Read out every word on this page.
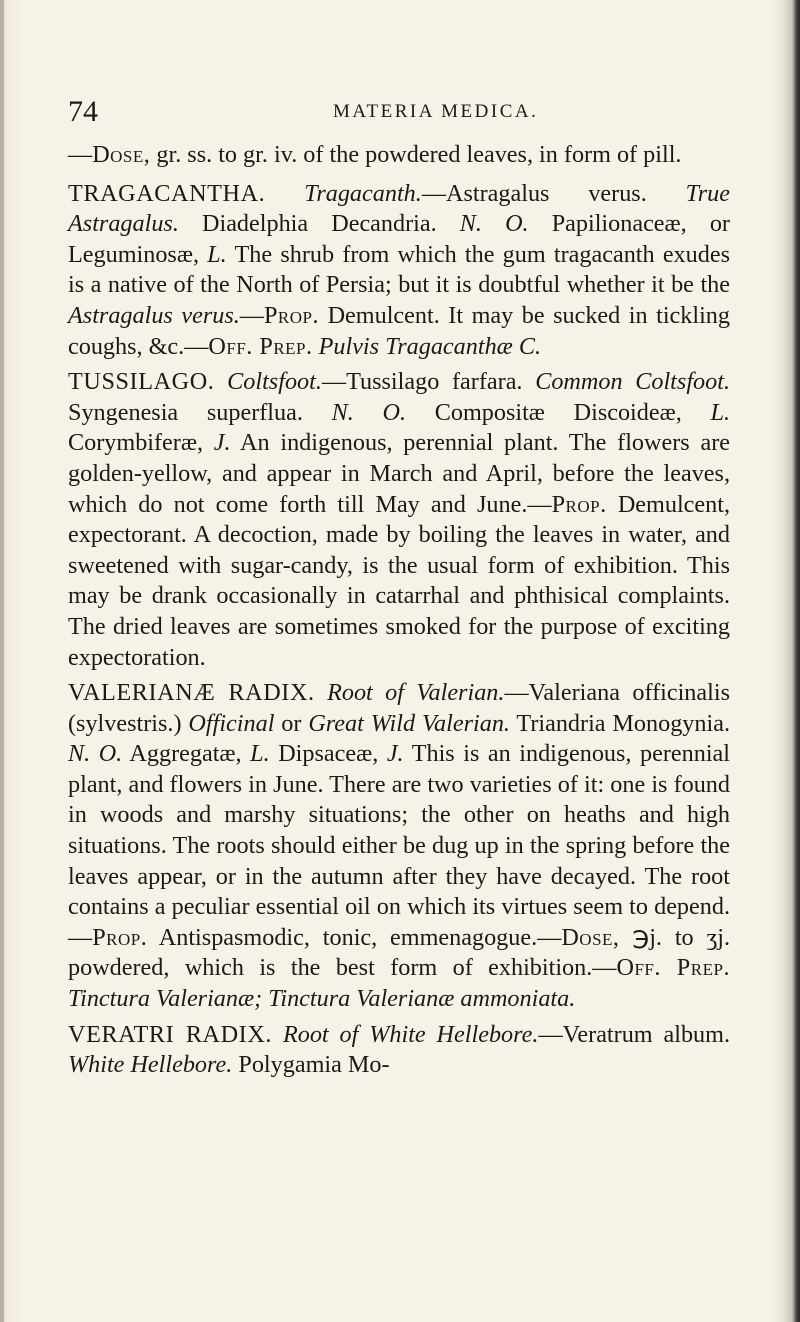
74	MATERIA MEDICA.

—Dose, gr. ss. to gr. iv. of the powdered leaves, in form of pill.

TRAGACANTHA. Tragacanth.—Astragalus verus. True Astragalus. Diadelphia Decandria. N. O. Papilionaceæ, or Leguminosæ, L. The shrub from which the gum tragacanth exudes is a native of the North of Persia; but it is doubtful whether it be the Astragalus verus.—Prop. Demulcent. It may be sucked in tickling coughs, &c.—Off. Prep. Pulvis Tragacanthæ C.

TUSSILAGO. Coltsfoot.—Tussilago farfara. Common Coltsfoot. Syngenesia superflua. N. O. Compositæ Discoideæ, L. Corymbiferæ, J. An indigenous, perennial plant. The flowers are golden-yellow, and appear in March and April, before the leaves, which do not come forth till May and June.—Prop. Demulcent, expectorant. A decoction, made by boiling the leaves in water, and sweetened with sugar-candy, is the usual form of exhibition. This may be drank occasionally in catarrhal and phthisical complaints. The dried leaves are sometimes smoked for the purpose of exciting expectoration.

VALERIANÆ RADIX. Root of Valerian.—Valeriana officinalis (sylvestris.) Officinal or Great Wild Valerian. Triandria Monogynia. N. O. Aggregatæ, L. Dipsaceæ, J. This is an indigenous, perennial plant, and flowers in June. There are two varieties of it: one is found in woods and marshy situations; the other on heaths and high situations. The roots should either be dug up in the spring before the leaves appear, or in the autumn after they have decayed. The root contains a peculiar essential oil on which its virtues seem to depend.—Prop. Antispasmodic, tonic, emmenagogue.—Dose, ℈j. to ʒj. powdered, which is the best form of exhibition.—Off. Prep. Tinctura Valerianæ; Tinctura Valerianæ ammoniata.

VERATRI RADIX. Root of White Hellebore.—Veratrum album. White Hellebore. Polygamia Mo-
